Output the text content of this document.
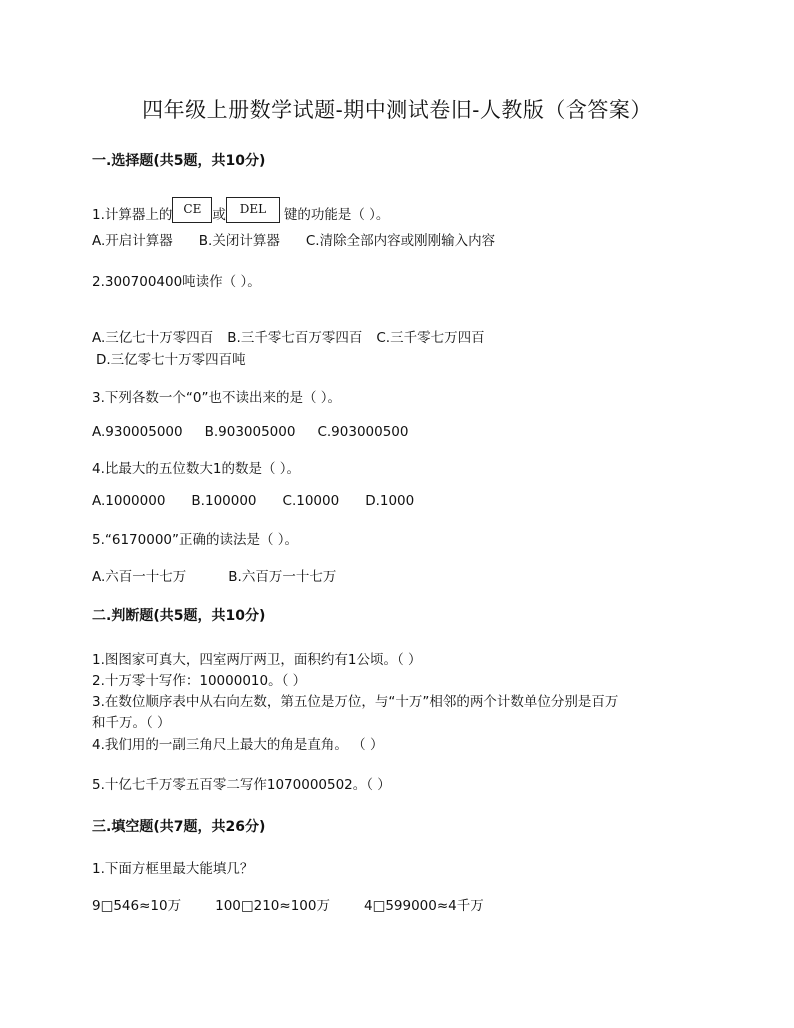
四年级上册数学试题-期中测试卷旧-人教版（含答案）
一.选择题(共5题，共10分)
1.计算器上的 CE 或 DEL 键的功能是（ ）。
A.开启计算器 B.关闭计算器 C.清除全部内容或刚刚输入内容
2.300700400吨读作（ ）。
A.三亿七十万零四百 B.三千零七百万零四百 C.三千零七万四百
D.三亿零七十万零四百吨
3.下列各数一个“0”也不读出来的是（ ）。
A.930005000 B.903005000 C.903000500
4.比最大的五位数大1的数是（ ）。
A.1000000 B.100000 C.10000 D.1000
5.“6170000”正确的读法是（ ）。
A.六百一十七万	B.六百万一十七万
二.判断题(共5题，共10分)
1.图图家可真大，四室两厅两卫，面积约有1公顷。（ ）
2.十万零十写作：10000010。（ ）
3.在数位顺序表中从右向左数，第五位是万位，与“十万”相邻的两个计数单位分别是百万
和千万。（ ）
4.我们用的一副三角尺上最大的角是直角。 （ ）
5.十亿七千万零五百零二写作1070000502。（ ）
三.填空题(共7题，共26分)
1.下面方框里最大能填几？
9□546≈10万	100□210≈100万	4□599000≈4千万
